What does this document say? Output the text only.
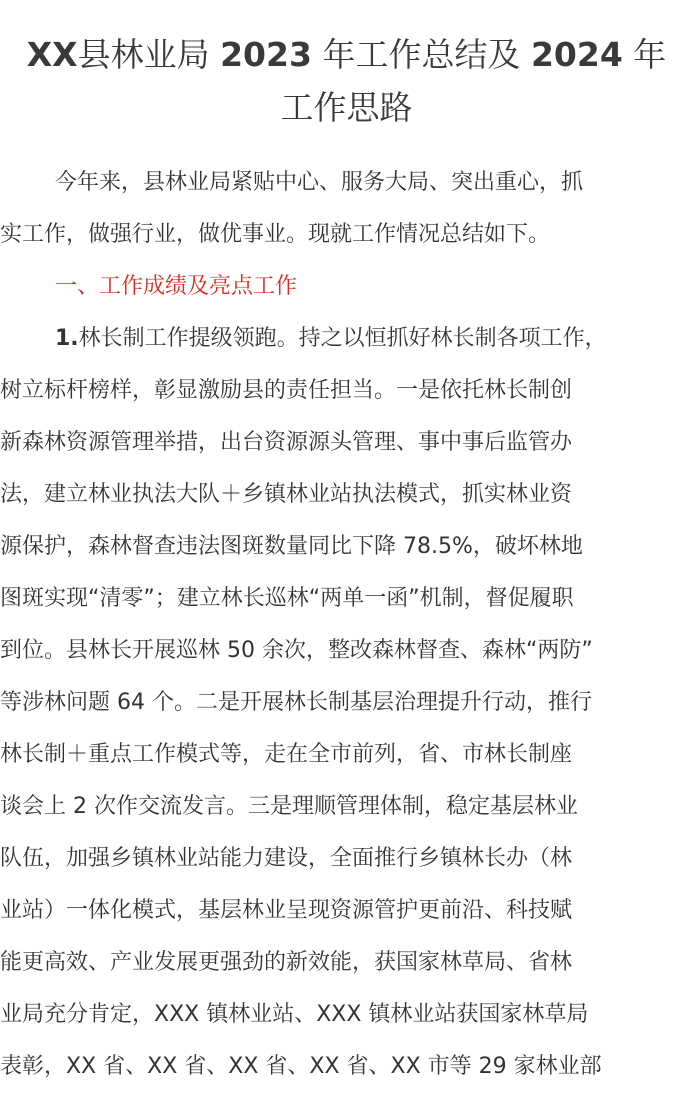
XX县林业局 2023 年工作总结及 2024 年
工作思路
今年来，县林业局紧贴中心、服务大局、突出重心，抓
实工作，做强行业，做优事业。现就工作情况总结如下。
一、工作成绩及亮点工作
1.林长制工作提级领跑。持之以恒抓好林长制各项工作，
树立标杆榜样，彰显激励县的责任担当。一是依托林长制创
新森林资源管理举措，出台资源源头管理、事中事后监管办
法，建立林业执法大队＋乡镇林业站执法模式，抓实林业资
源保护，森林督查违法图斑数量同比下降 78.5%，破坏林地
图斑实现“清零”；建立林长巡林“两单一函”机制，督促履职
到位。县林长开展巡林 50 余次，整改森林督查、森林“两防”
等涉林问题 64 个。二是开展林长制基层治理提升行动，推行
林长制＋重点工作模式等，走在全市前列，省、市林长制座
谈会上 2 次作交流发言。三是理顺管理体制，稳定基层林业
队伍，加强乡镇林业站能力建设，全面推行乡镇林长办（林
业站）一体化模式，基层林业呈现资源管护更前沿、科技赋
能更高效、产业发展更强劲的新效能，获国家林草局、省林
业局充分肯定，XXX 镇林业站、XXX 镇林业站获国家林草局
表彰，XX 省、XX 省、XX 省、XX 省、XX 市等 29 家林业部
